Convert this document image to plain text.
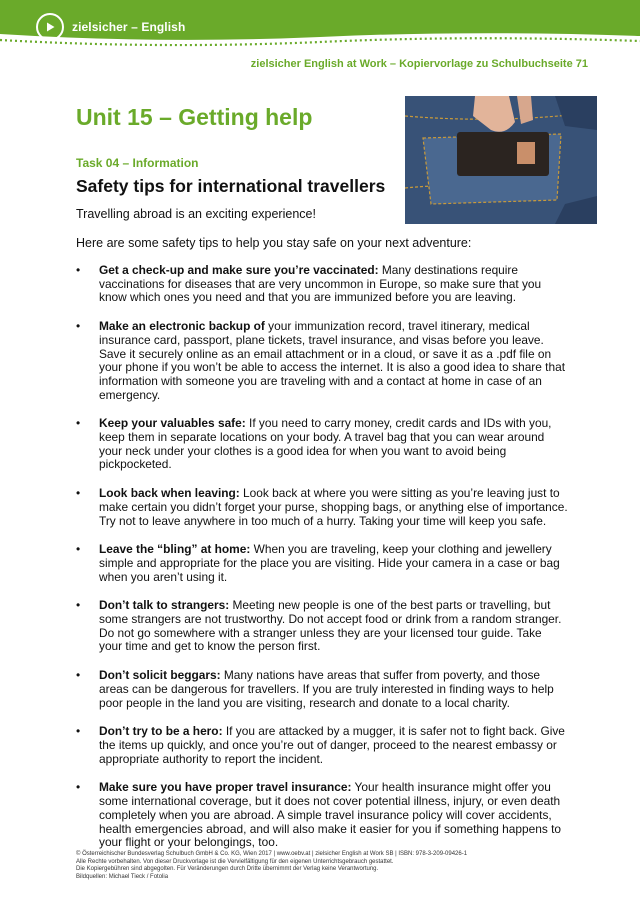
zielsicher – English
zielsicher English at Work – Kopiervorlage zu Schulbuchseite 71
Unit 15 – Getting help
Task 04 – Information
Safety tips for international travellers
Travelling abroad is an exciting experience!
Here are some safety tips to help you stay safe on your next adventure:
• Get a check-up and make sure you’re vaccinated: Many destinations require vaccinations for diseases that are very uncommon in Europe, so make sure that you know which ones you need and that you are immunized before you are leaving.
• Make an electronic backup of your immunization record, travel itinerary, medical insurance card, passport, plane tickets, travel insurance, and visas before you leave. Save it securely online as an email attachment or in a cloud, or save it as a .pdf file on your phone if you won’t be able to access the internet. It is also a good idea to share that information with someone you are traveling with and a contact at home in case of an emergency.
• Keep your valuables safe: If you need to carry money, credit cards and IDs with you, keep them in separate locations on your body. A travel bag that you can wear around your neck under your clothes is a good idea for when you want to avoid being pickpocketed.
• Look back when leaving: Look back at where you were sitting as you’re leaving just to make certain you didn’t forget your purse, shopping bags, or anything else of importance. Try not to leave anywhere in too much of a hurry. Taking your time will keep you safe.
• Leave the “bling” at home: When you are traveling, keep your clothing and jewellery simple and appropriate for the place you are visiting. Hide your camera in a case or bag when you aren’t using it.
• Don’t talk to strangers: Meeting new people is one of the best parts or travelling, but some strangers are not trustworthy. Do not accept food or drink from a random stranger. Do not go somewhere with a stranger unless they are your licensed tour guide. Take your time and get to know the person first.
• Don’t solicit beggars: Many nations have areas that suffer from poverty, and those areas can be dangerous for travellers. If you are truly interested in finding ways to help poor people in the land you are visiting, research and donate to a local charity.
• Don’t try to be a hero: If you are attacked by a mugger, it is safer not to fight back. Give the items up quickly, and once you’re out of danger, proceed to the nearest embassy or appropriate authority to report the incident.
• Make sure you have proper travel insurance: Your health insurance might offer you some international coverage, but it does not cover potential illness, injury, or even death completely when you are abroad. A simple travel insurance policy will cover accidents, health emergencies abroad, and will also make it easier for you if something happens to your flight or your belongings, too.
© Österreichischer Bundesverlag Schulbuch GmbH & Co. KG, Wien 2017 | www.oebv.at | zielsicher English at Work SB | ISBN: 978-3-209-09426-1
Alle Rechte vorbehalten. Von dieser Druckvorlage ist die Vervielfältigung für den eigenen Unterrichtsgebrauch gestattet.
Die Kopiergebühren sind abgegolten. Für Veränderungen durch Dritte übernimmt der Verlag keine Verantwortung.
Bildquellen: Michael Tieck / Fotolia
